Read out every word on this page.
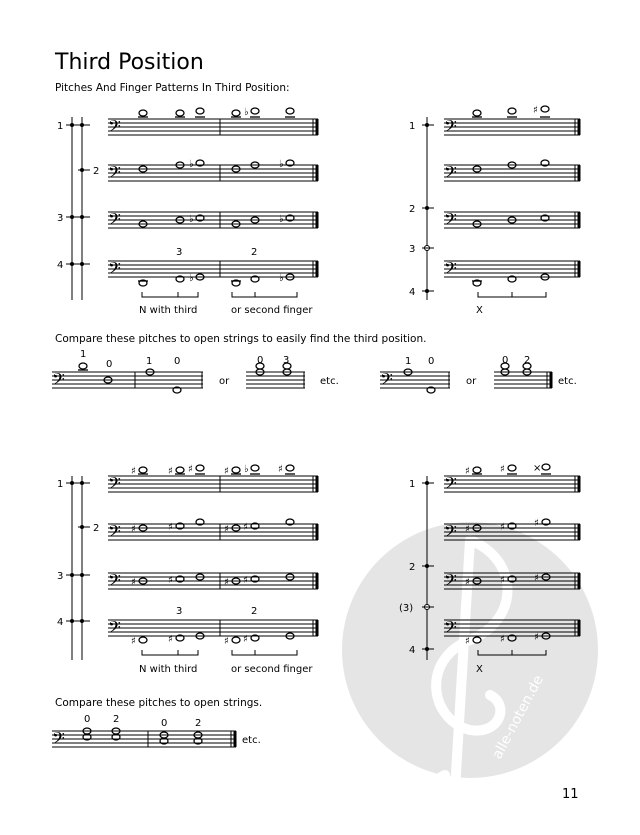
Third Position
Pitches And Finger Patterns In Third Position:
Compare these pitches to open strings to easily find the third position.
Compare these pitches to open strings.
11
alle-noten.de
1
2
3
4
𝄢
𝄢
𝄢
𝄢
♭
♭	♭
♭	♭
♭	♭
3	2
N with third	or second finger
1
2
3
4
𝄢
𝄢
𝄢
𝄢
♯
X
𝄢	𝄢
1
0	1 0	0 3	1 0	0 2
or	etc.	or	etc.
1
2
3
4
𝄢
𝄢
𝄢
𝄢
♯	♯ ♯	♯ ♭	♯
♯	♯	♯ ♯
♯	♯	♯ ♯
♯	♯	♯ ♯
3	2
N with third	or second finger
1
2
(3)
4
𝄢
𝄢
𝄢
𝄢
♯	♯	×
♯	♯	♯
♯	♯	♯
♯	♯	♯
X
𝄢
0 2	0	2
etc.
